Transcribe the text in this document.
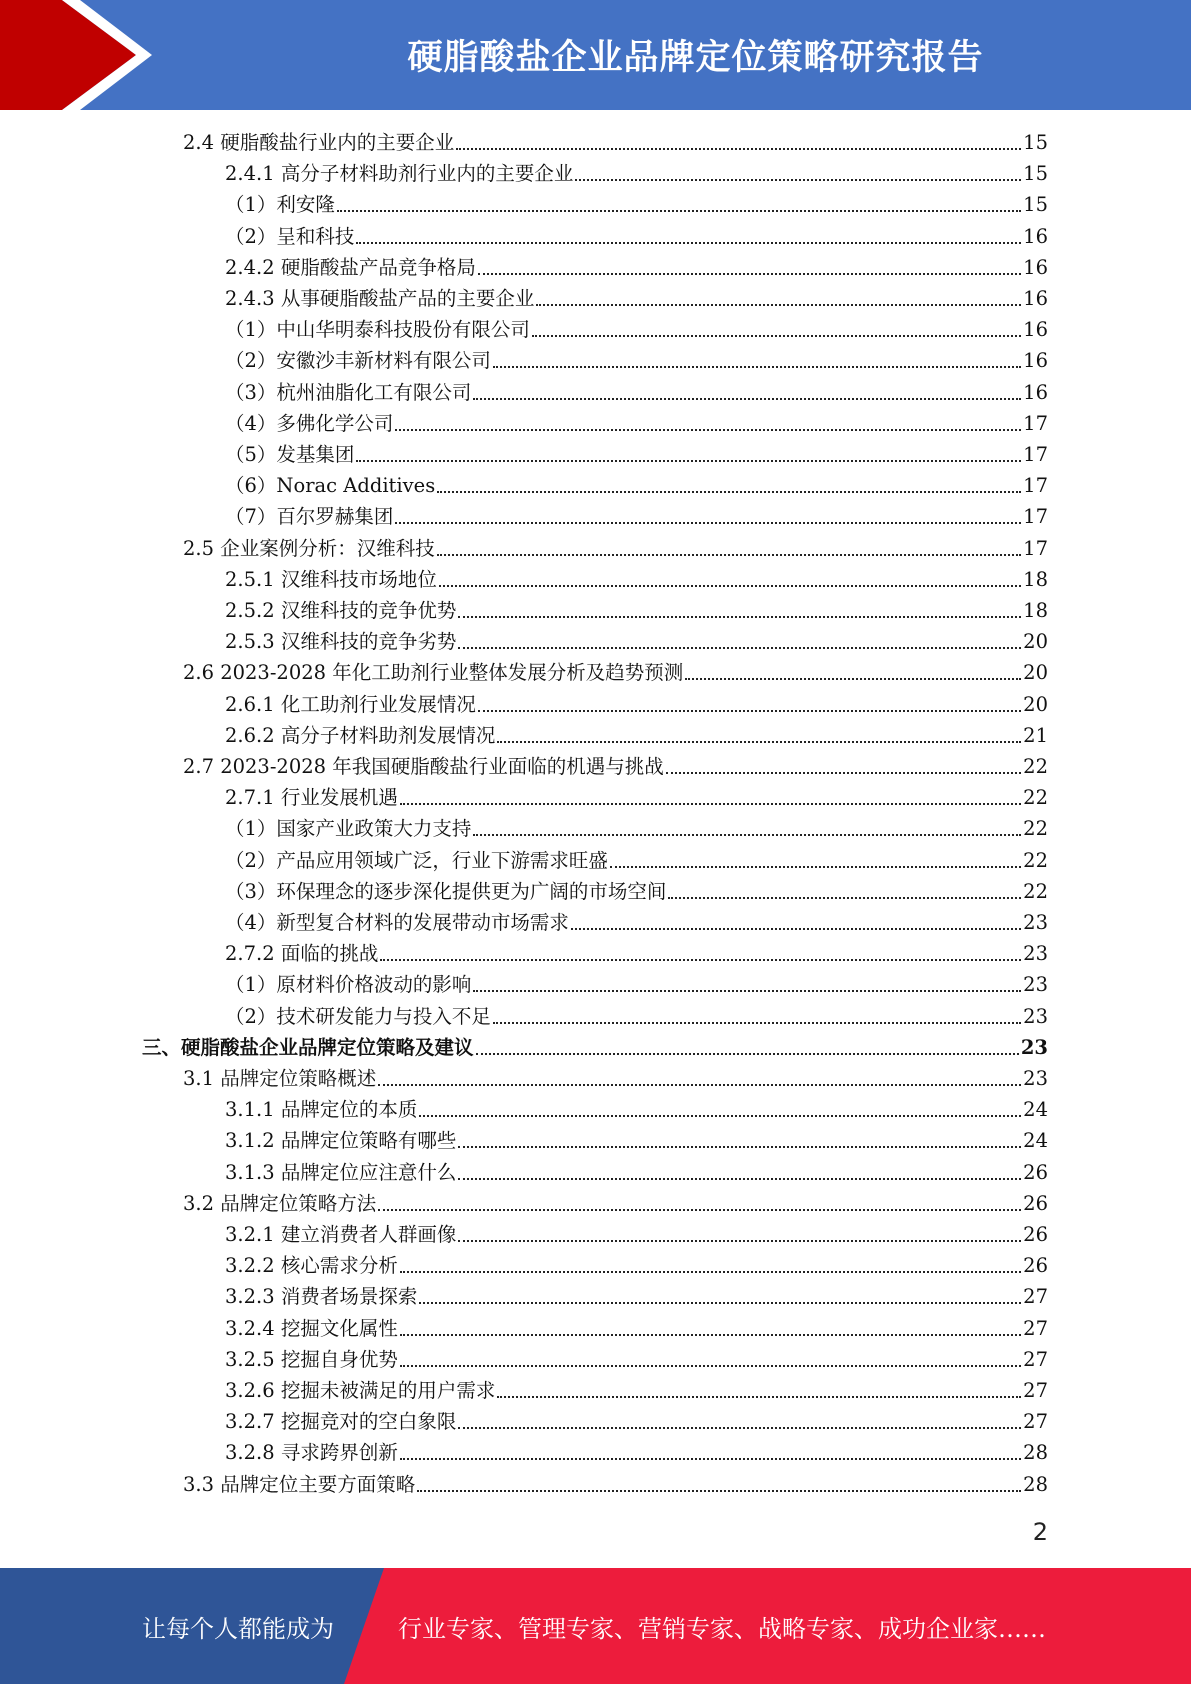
硬脂酸盐企业品牌定位策略研究报告
2.4 硬脂酸盐行业内的主要企业	15
2.4.1 高分子材料助剂行业内的主要企业	15
（1）利安隆	15
（2）呈和科技	16
2.4.2 硬脂酸盐产品竞争格局	16
2.4.3 从事硬脂酸盐产品的主要企业	16
（1）中山华明泰科技股份有限公司	16
（2）安徽沙丰新材料有限公司	16
（3）杭州油脂化工有限公司	16
（4）多佛化学公司	17
（5）发基集团	17
（6）Norac Additives	17
（7）百尔罗赫集团	17
2.5 企业案例分析：汉维科技	17
2.5.1 汉维科技市场地位	18
2.5.2 汉维科技的竞争优势	18
2.5.3 汉维科技的竞争劣势	20
2.6 2023-2028 年化工助剂行业整体发展分析及趋势预测	20
2.6.1 化工助剂行业发展情况	20
2.6.2 高分子材料助剂发展情况	21
2.7 2023-2028 年我国硬脂酸盐行业面临的机遇与挑战	22
2.7.1 行业发展机遇	22
（1）国家产业政策大力支持	22
（2）产品应用领域广泛，行业下游需求旺盛	22
（3）环保理念的逐步深化提供更为广阔的市场空间	22
（4）新型复合材料的发展带动市场需求	23
2.7.2 面临的挑战	23
（1）原材料价格波动的影响	23
（2）技术研发能力与投入不足	23
三、硬脂酸盐企业品牌定位策略及建议	23
3.1 品牌定位策略概述	23
3.1.1 品牌定位的本质	24
3.1.2 品牌定位策略有哪些	24
3.1.3 品牌定位应注意什么	26
3.2 品牌定位策略方法	26
3.2.1 建立消费者人群画像	26
3.2.2 核心需求分析	26
3.2.3 消费者场景探索	27
3.2.4 挖掘文化属性	27
3.2.5 挖掘自身优势	27
3.2.6 挖掘未被满足的用户需求	27
3.2.7 挖掘竞对的空白象限	27
3.2.8 寻求跨界创新	28
3.3 品牌定位主要方面策略	28
2
让每个人都能成为	行业专家、管理专家、营销专家、战略专家、成功企业家……
